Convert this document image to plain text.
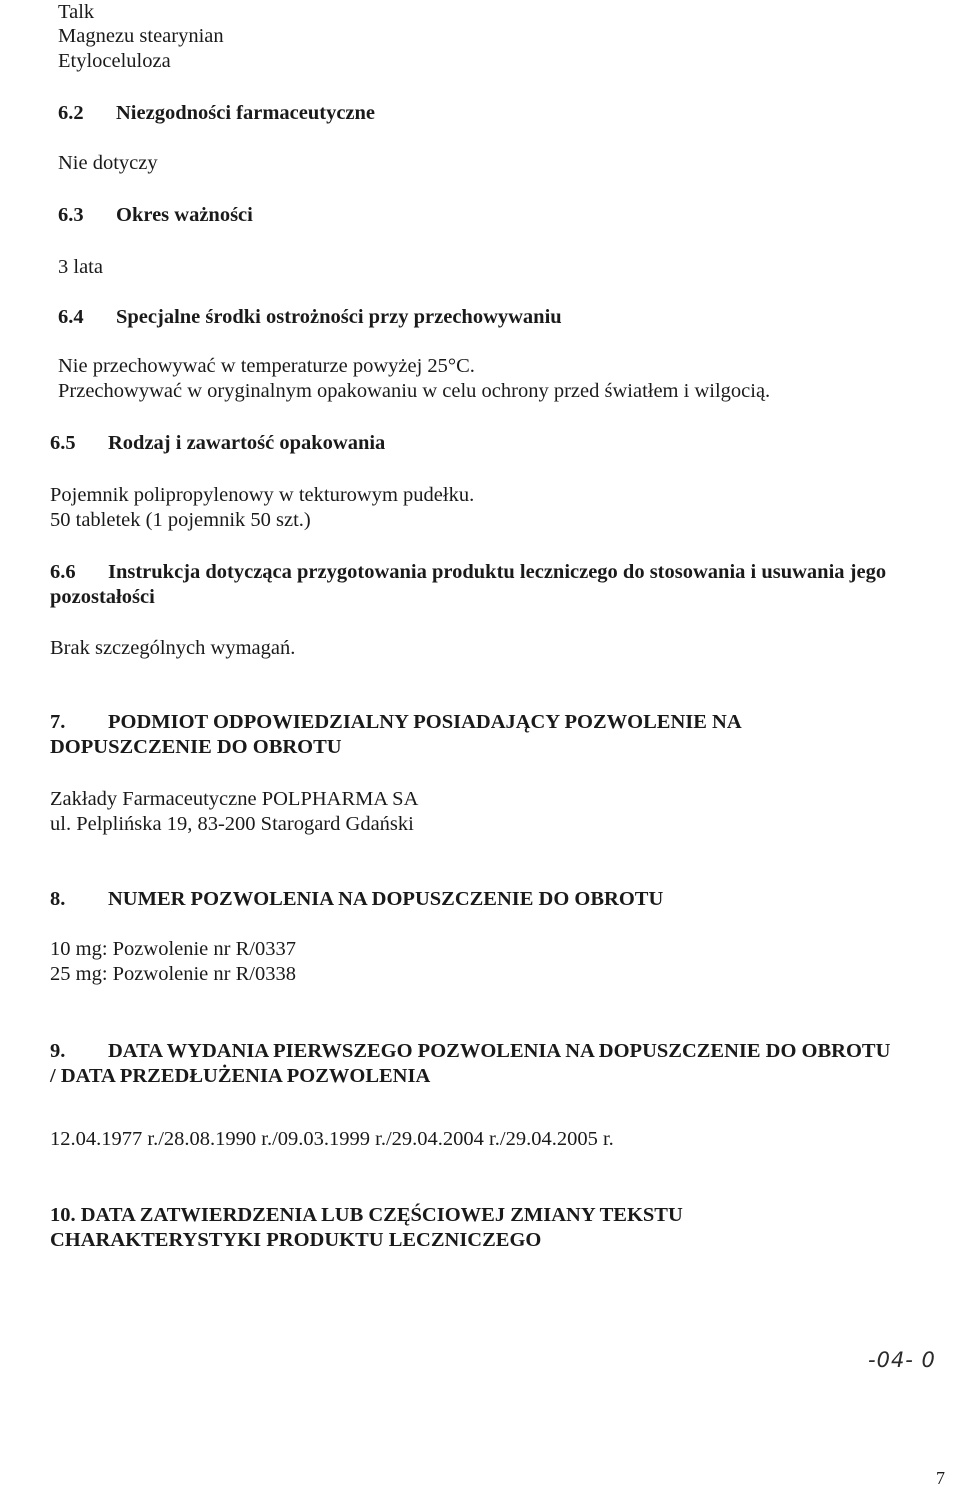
Talk
Magnezu stearynian
Etyloceluloza
6.2 Niezgodności farmaceutyczne
Nie dotyczy
6.3 Okres ważności
3 lata
6.4 Specjalne środki ostrożności przy przechowywaniu
Nie przechowywać w temperaturze powyżej 25°C.
Przechowywać w oryginalnym opakowaniu w celu ochrony przed światłem i wilgocią.
6.5 Rodzaj i zawartość opakowania
Pojemnik polipropylenowy w tekturowym pudełku.
50 tabletek (1 pojemnik 50 szt.)
6.6 Instrukcja dotycząca przygotowania produktu leczniczego do stosowania i usuwania jego
pozostałości
Brak szczególnych wymagań.
7. PODMIOT ODPOWIEDZIALNY POSIADAJĄCY POZWOLENIE NA
DOPUSZCZENIE DO OBROTU
Zakłady Farmaceutyczne POLPHARMA SA
ul. Pelplińska 19, 83-200 Starogard Gdański
8. NUMER POZWOLENIA NA DOPUSZCZENIE DO OBROTU
10 mg: Pozwolenie nr R/0337
25 mg: Pozwolenie nr R/0338
9. DATA WYDANIA PIERWSZEGO POZWOLENIA NA DOPUSZCZENIE DO OBROTU
/ DATA PRZEDŁUŻENIA POZWOLENIA
12.04.1977 r./28.08.1990 r./09.03.1999 r./29.04.2004 r./29.04.2005 r.
10. DATA ZATWIERDZENIA LUB CZĘŚCIOWEJ ZMIANY TEKSTU
CHARAKTERYSTYKI PRODUKTU LECZNICZEGO
-04- 0
7
